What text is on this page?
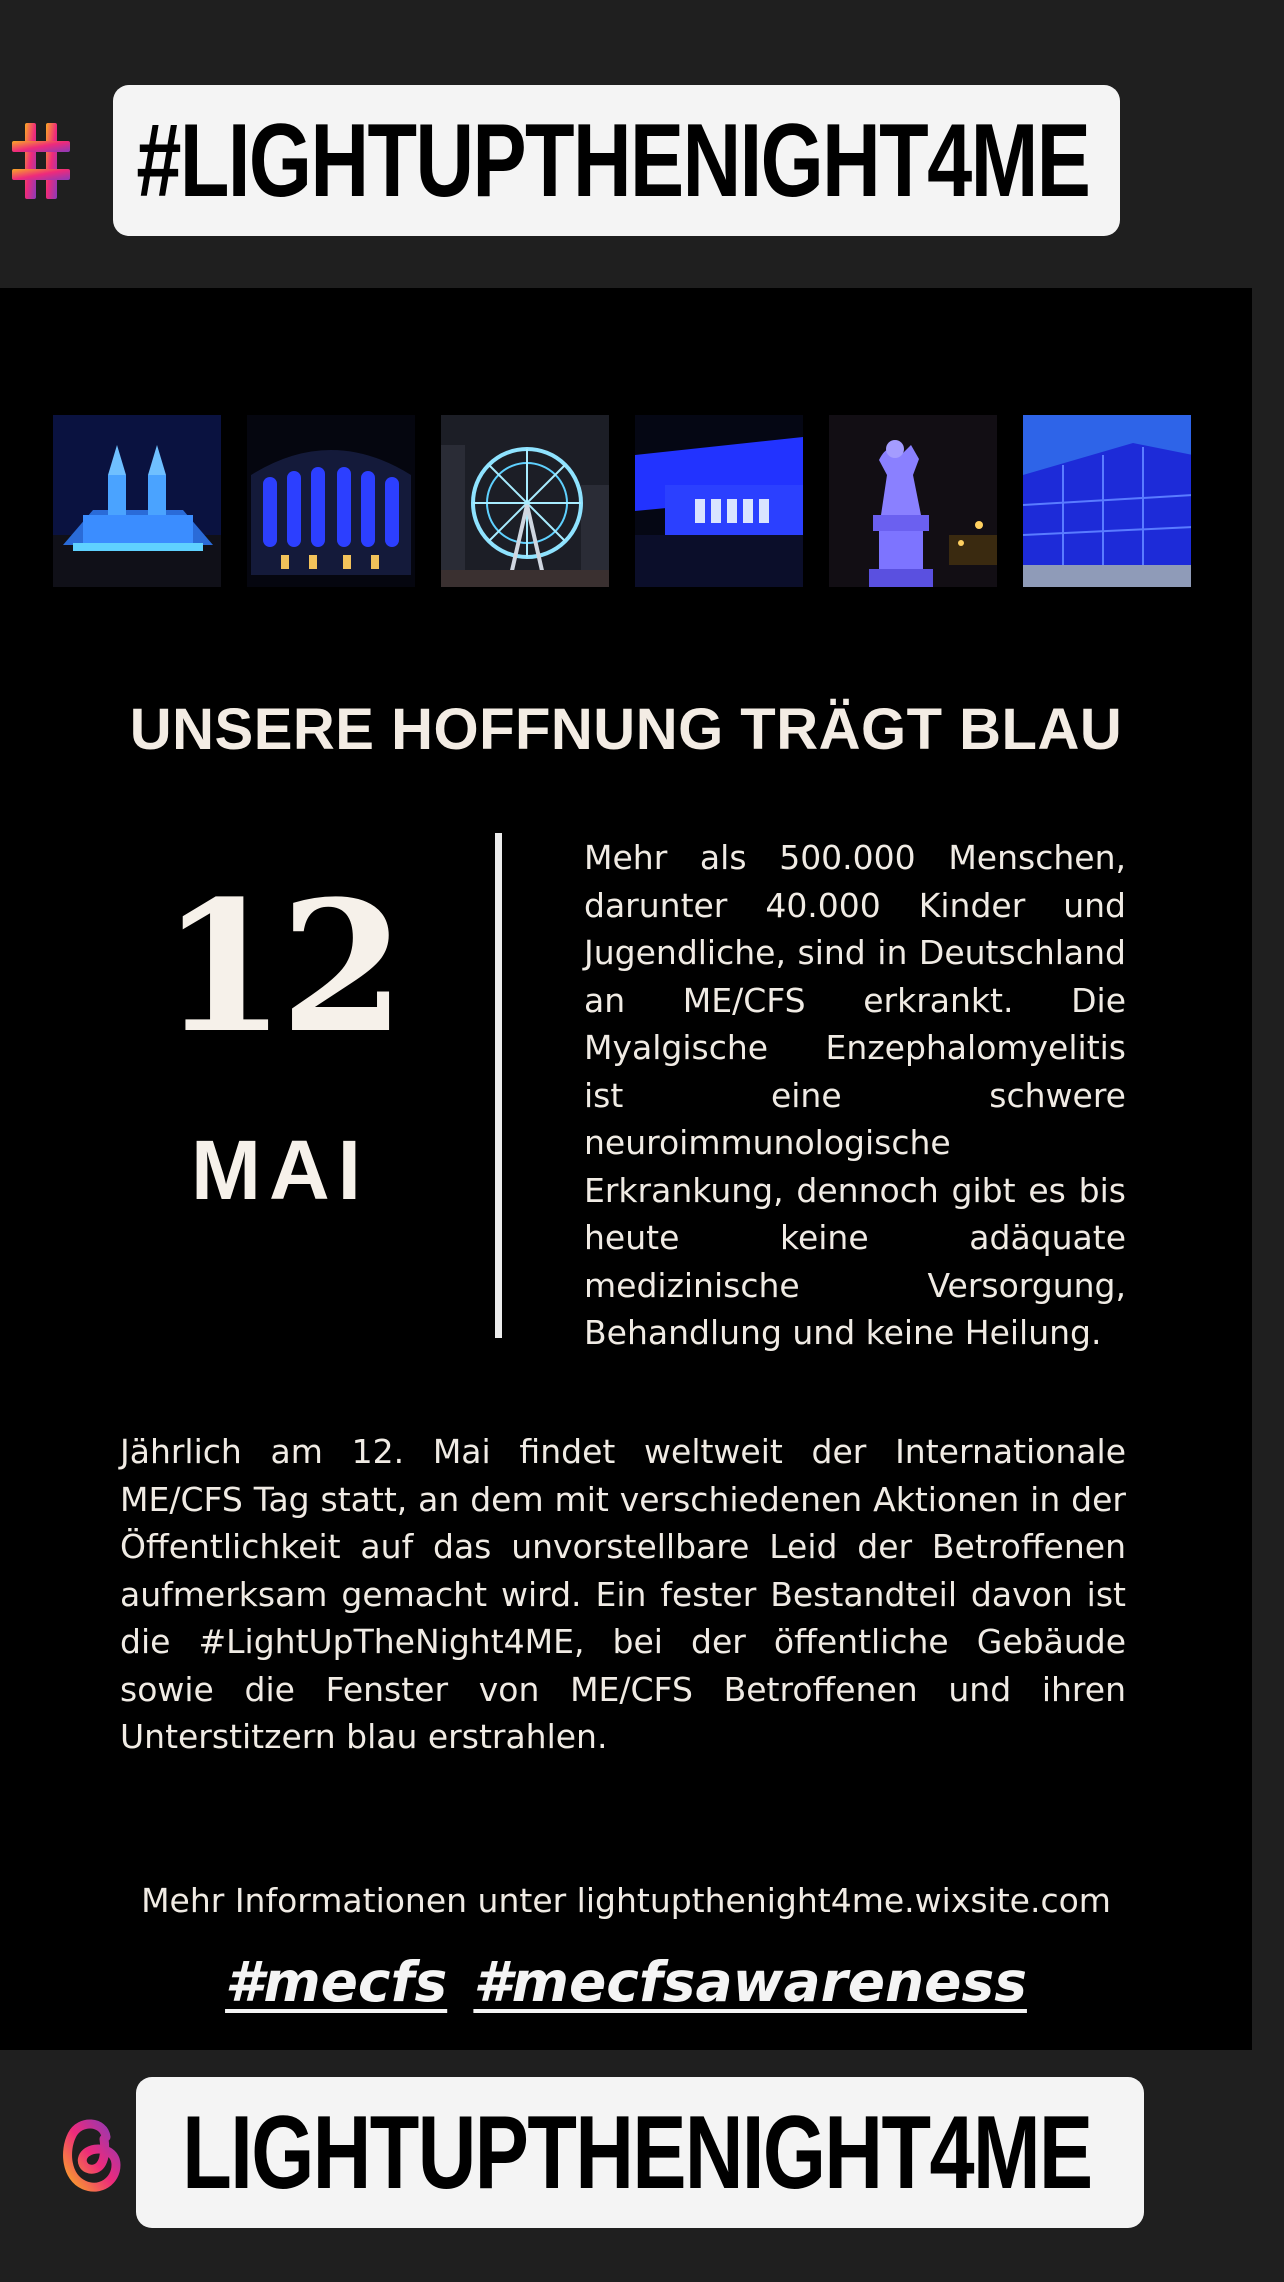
#LIGHTUPTHENIGHT4ME
UNSERE HOFFNUNG TRÄGT BLAU
12
MAI

Mehr als 500.000 Menschen, darunter 40.000 Kinder und Jugendliche, sind in Deutschland an ME/CFS erkrankt. Die Myalgische Enzephalomyelitis ist eine schwere neuroimmunologische Erkrankung, dennoch gibt es bis heute keine adäquate medizinische Versorgung, Behandlung und keine Heilung.

Jährlich am 12. Mai findet weltweit der Internationale ME/CFS Tag statt, an dem mit verschiedenen Aktionen in der Öffentlichkeit auf das unvorstellbare Leid der Betroffenen aufmerksam gemacht wird. Ein fester Bestandteil davon ist die #LightUpTheNight4ME, bei der öffentliche Gebäude sowie die Fenster von ME/CFS Betroffenen und ihren Unterstitzern blau erstrahlen.

Mehr Informationen unter lightupthenight4me.wixsite.com

#mecfs #mecfsawareness

LIGHTUPTHENIGHT4ME
